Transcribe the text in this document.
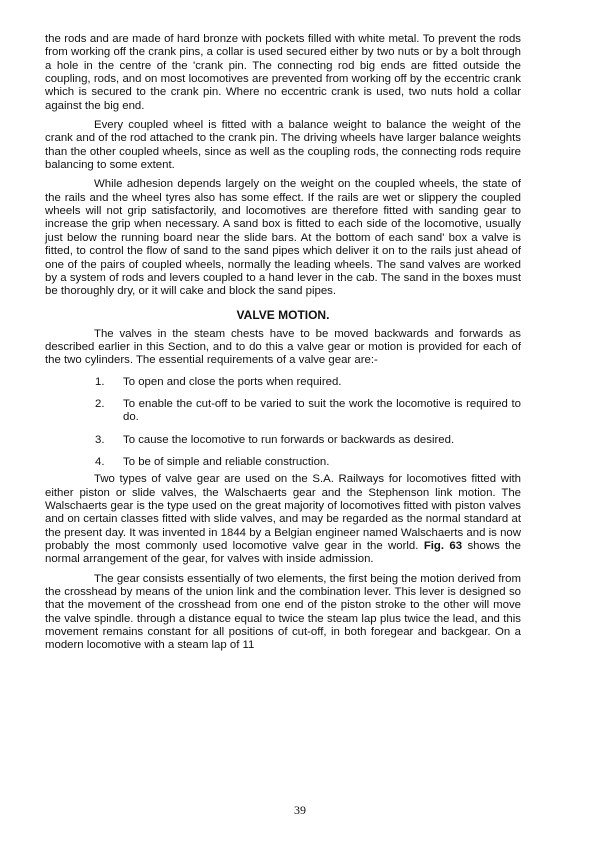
the rods and are made of hard bronze with pockets filled with white metal. To prevent the rods from working off the crank pins, a collar is used secured either by two nuts or by a bolt through a hole in the centre of the 'crank pin. The connecting rod big ends are fitted outside the coupling, rods, and on most locomotives are prevented from working off by the eccentric crank which is secured to the crank pin. Where no eccentric crank is used, two nuts hold a collar against the big end.

Every coupled wheel is fitted with a balance weight to balance the weight of the crank and of the rod attached to the crank pin. The driving wheels have larger balance weights than the other coupled wheels, since as well as the coupling rods, the connecting rods require balancing to some extent.

While adhesion depends largely on the weight on the coupled wheels, the state of the rails and the wheel tyres also has some effect. If the rails are wet or slippery the coupled wheels will not grip satisfactorily, and locomotives are therefore fitted with sanding gear to increase the grip when necessary. A sand box is fitted to each side of the locomotive, usually just below the running board near the slide bars. At the bottom of each sand' box a valve is fitted, to control the flow of sand to the sand pipes which deliver it on to the rails just ahead of one of the pairs of coupled wheels, normally the leading wheels. The sand valves are worked by a system of rods and levers coupled to a hand lever in the cab. The sand in the boxes must be thoroughly dry, or it will cake and block the sand pipes.

VALVE MOTION.

The valves in the steam chests have to be moved backwards and forwards as described earlier in this Section, and to do this a valve gear or motion is provided for each of the two cylinders. The essential requirements of a valve gear are:-

1. To open and close the ports when required.
2. To enable the cut-off to be varied to suit the work the locomotive is required to do.
3. To cause the locomotive to run forwards or backwards as desired.
4. To be of simple and reliable construction.

Two types of valve gear are used on the S.A. Railways for locomotives fitted with either piston or slide valves, the Walschaerts gear and the Stephenson link motion. The Walschaerts gear is the type used on the great majority of locomotives fitted with piston valves and on certain classes fitted with slide valves, and may be regarded as the normal standard at the present day. It was invented in 1844 by a Belgian engineer named Walschaerts and is now probably the most commonly used locomotive valve gear in the world. Fig. 63 shows the normal arrangement of the gear, for valves with inside admission.

The gear consists essentially of two elements, the first being the motion derived from the crosshead by means of the union link and the combination lever. This lever is designed so that the movement of the crosshead from one end of the piston stroke to the other will move the valve spindle. through a distance equal to twice the steam lap plus twice the lead, and this movement remains constant for all positions of cut-off, in both foregear and backgear. On a modern locomotive with a steam lap of 11

39
